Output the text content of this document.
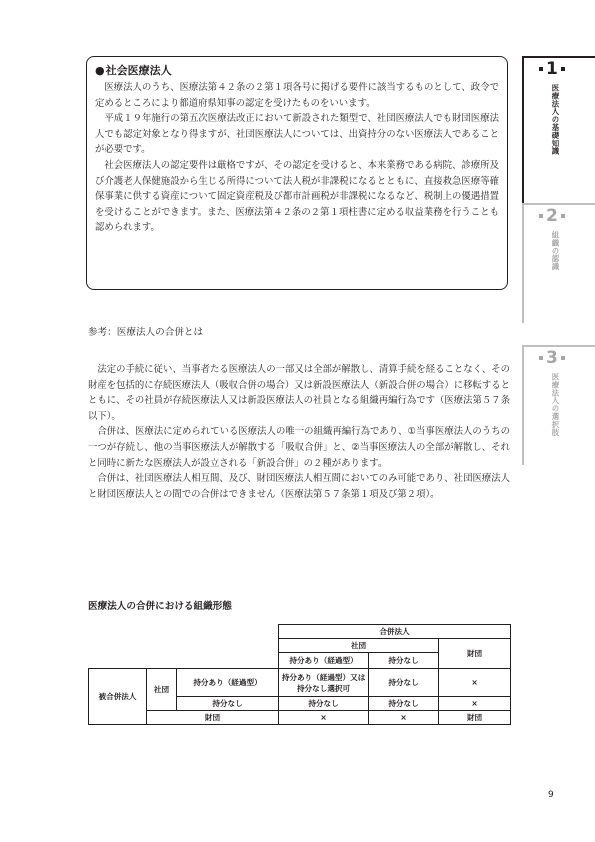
●社会医療法人

医療法人のうち、医療法第４２条の２第１項各号に掲げる要件に該当するものとして、政令で定めるところにより都道府県知事の認定を受けたものをいいます。

平成１９年施行の第五次医療法改正において新設された類型で、社団医療法人でも財団医療法人でも認定対象となり得ますが、社団医療法人については、出資持分のない医療法人であることが必要です。

社会医療法人の認定要件は厳格ですが、その認定を受けると、本来業務である病院、診療所及び介護老人保健施設から生じる所得について法人税が非課税になるとともに、直接救急医療等確保事業に供する資産について固定資産税及び都市計画税が非課税になるなど、税制上の優遇措置を受けることができます。また、医療法第４２条の２第１項柱書に定める収益業務を行うことも認められます。

参考：医療法人の合併とは

法定の手続に従い、当事者たる医療法人の一部又は全部が解散し、清算手続を経ることなく、その財産を包括的に存続医療法人（吸収合併の場合）又は新設医療法人（新設合併の場合）に移転するとともに、その社員が存続医療法人又は新設医療法人の社員となる組織再編行為です（医療法第５７条以下）。

合併は、医療法に定められている医療法人の唯一の組織再編行為であり、①当事医療法人のうちの一つが存続し、他の当事医療法人が解散する「吸収合併」と、②当事医療法人の全部が解散し、それと同時に新たな医療法人が設立される「新設合併」の２種があります。

合併は、社団医療法人相互間、及び、財団医療法人相互間においてのみ可能であり、社団医療法人と財団医療法人との間での合併はできません（医療法第５７条第１項及び第２項）。

医療法人の合併における組織形態
			合併法人		
			社団		財団
			持分あり（経過型）	持分なし	
被合併法人	社団	持分あり（経過型）	持分あり（経過型）又は持分なし選択可	持分なし	×
		持分なし	持分なし	持分なし	×
	財団		×	×	財団
1
医療法人の基礎知識
2
組織の認識
3
医療法人の選択肢
9
